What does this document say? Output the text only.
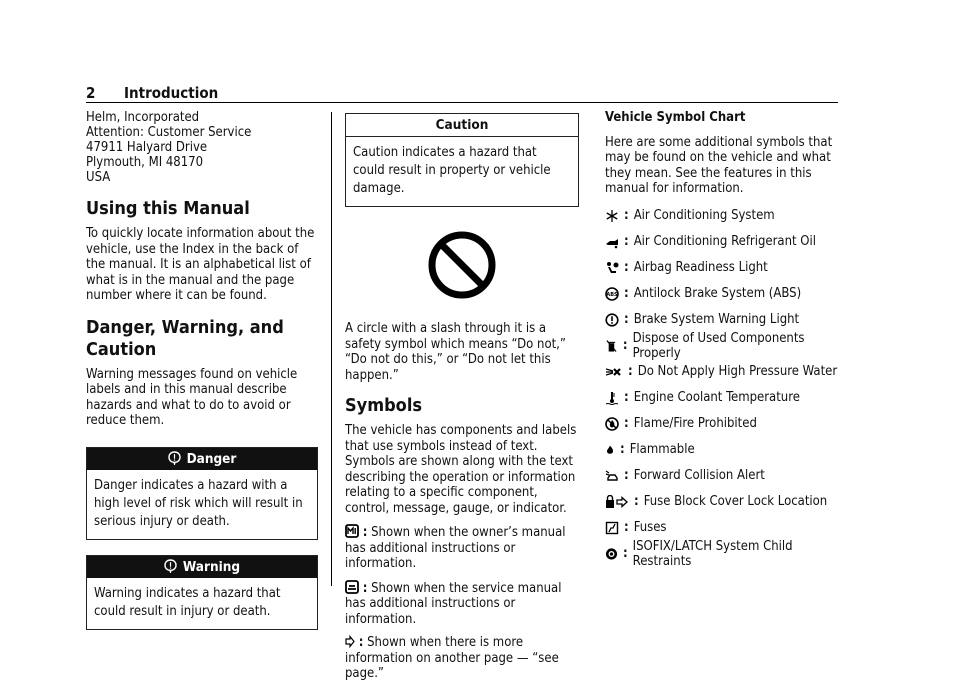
2 Introduction
Helm, Incorporated
Attention: Customer Service
47911 Halyard Drive
Plymouth, MI 48170
USA
Using this Manual

To quickly locate information about the vehicle, use the Index in the back of the manual. It is an alphabetical list of what is in the manual and the page number where it can be found.

Danger, Warning, and Caution

Warning messages found on vehicle labels and in this manual describe hazards and what to do to avoid or reduce them.

Danger
Danger indicates a hazard with a high level of risk which will result in serious injury or death.
Warning
Warning indicates a hazard that could result in injury or death.
Caution
Caution indicates a hazard that could result in property or vehicle damage.

A circle with a slash through it is a safety symbol which means “Do not,” “Do not do this,” or “Do not let this happen.”

Symbols

The vehicle has components and labels that use symbols instead of text. Symbols are shown along with the text describing the operation or information relating to a specific component, control, message, gauge, or indicator.

: Shown when the owner’s manual has additional instructions or information.

: Shown when the service manual has additional instructions or information.

: Shown when there is more information on another page — “see page.”

Vehicle Symbol Chart

Here are some additional symbols that may be found on the vehicle and what they mean. See the features in this manual for information.

: Air Conditioning System
: Air Conditioning Refrigerant Oil
: Airbag Readiness Light
ABS : Antilock Brake System (ABS)
: Brake System Warning Light
: Dispose of Used Components Properly
: Do Not Apply High Pressure Water
: Engine Coolant Temperature
: Flame/Fire Prohibited
: Flammable
: Forward Collision Alert
: Fuse Block Cover Lock Location
: Fuses
: ISOFIX/LATCH System Child Restraints
